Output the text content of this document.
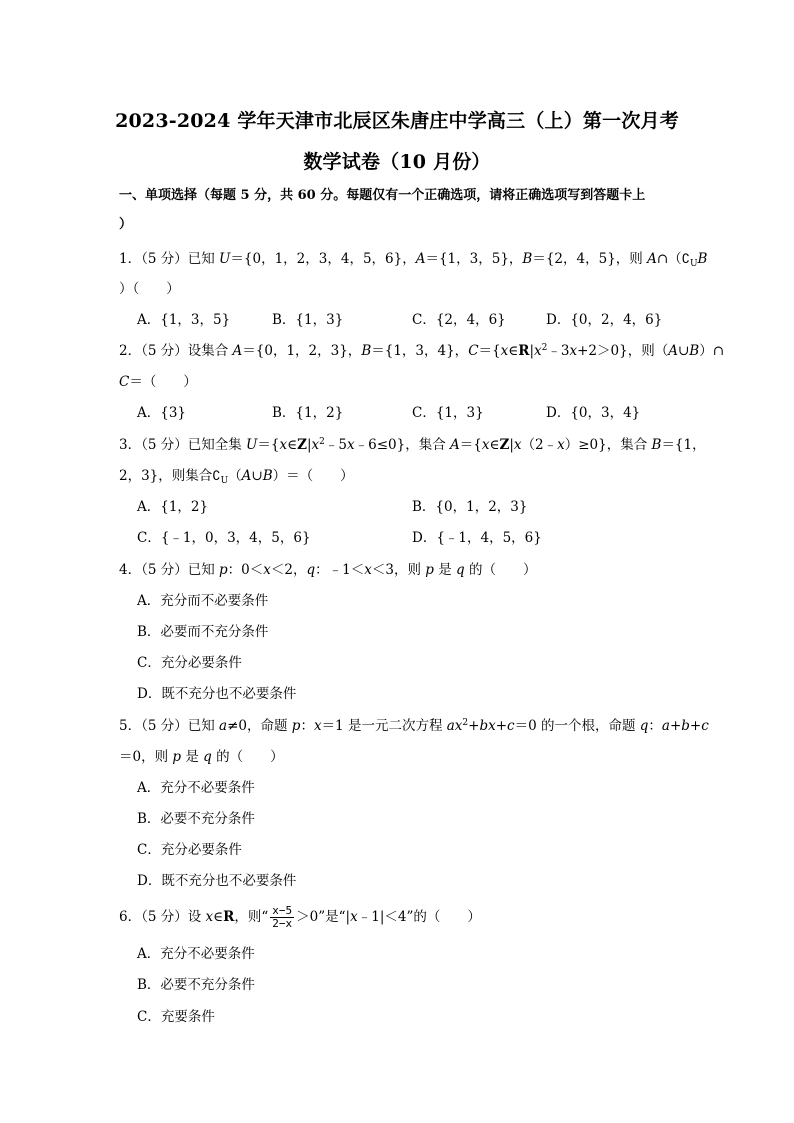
2023-2024 学年天津市北辰区朱唐庄中学高三（上）第一次月考
数学试卷（10 月份）
一、单项选择（每题 5 分，共 60 分。每题仅有一个正确选项，请将正确选项写到答题卡上
）
1．（5 分）已知 U＝{0，1，2，3，4，5，6}，A＝{1，3，5}，B＝{2，4，5}，则 $A\cap(∁_UB$
）（　　）
A．{1，3，5}	B．{1，3}	C．{2，4，6}	D．{0，2，4，6}
2．（5 分）设集合 A＝{0，1，2，3}，B＝{1，3，4}，$C=\{x\in R|x^2﹣3x+2>0\}$，则（A∪B）∩
C＝（　　）
A．{3}	B．{1，2}	C．{1，3}	D．{0，3，4}
3．（5 分）已知全集 $U=\{x\in Z|x^2﹣5x﹣6\le 0\}$，集合 A＝{x∈Z|x（2﹣x）≥0}，集合 B＝{1，
2，3}，则集合$∁_U(A\cup B)=$（　　）
A．{1，2}	B．{0，1，2，3}
C．{﹣1，0，3，4，5，6}	D．{﹣1，4，5，6}
4．（5 分）已知 p：0＜x＜2，q：﹣1＜x＜3，则 p 是 q 的（　　）
A．充分而不必要条件
B．必要而不充分条件
C．充分必要条件
D．既不充分也不必要条件
5．（5 分）已知 a≠0，命题 p：x＝1 是一元二次方程 $ax^2+bx+c=0$ 的一个根，命题 q：a+b+c
＝0，则 p 是 q 的（　　）
A．充分不必要条件
B．必要不充分条件
C．充分必要条件
D．既不充分也不必要条件
6．（5 分）设 x∈R，则“ $\frac{x-5}{2-x} >0$”是“|x﹣1|＜4”的（　　）
A．充分不必要条件
B．必要不充分条件
C．充要条件
